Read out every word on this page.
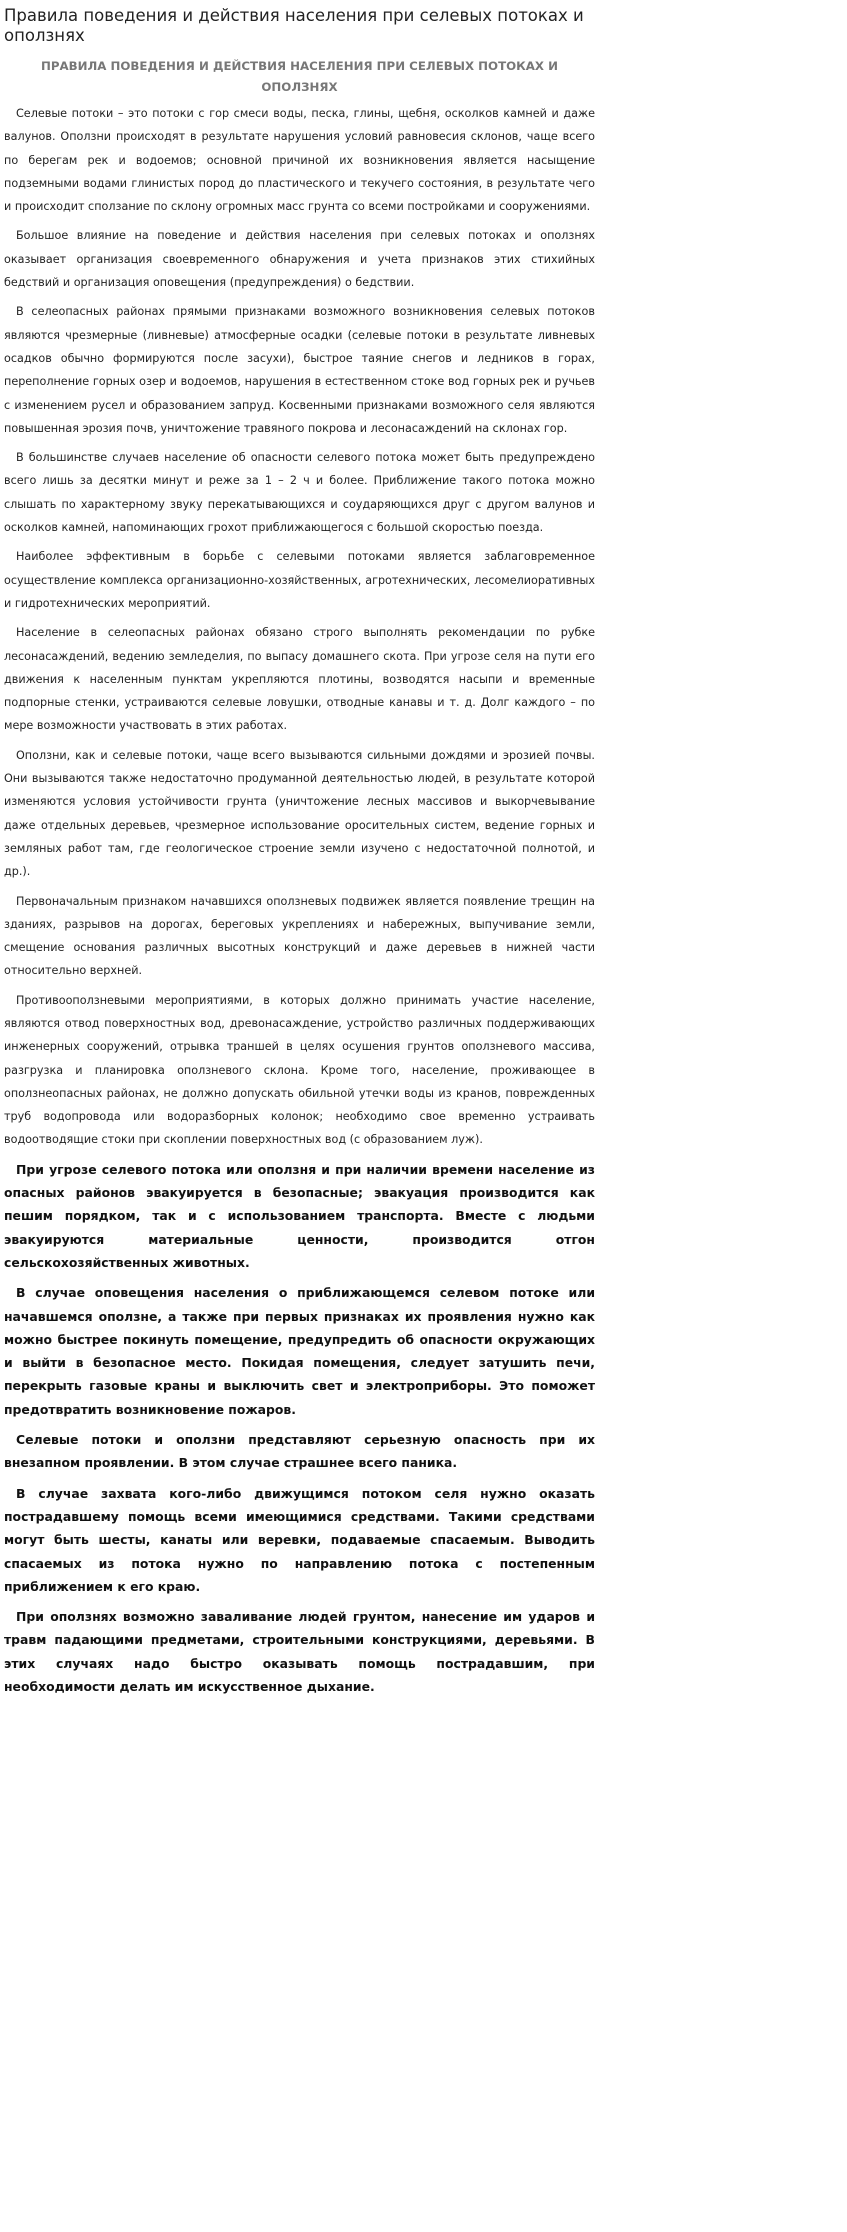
Правила поведения и действия населения при селевых потоках и оползнях
ПРАВИЛА ПОВЕДЕНИЯ И ДЕЙСТВИЯ НАСЕЛЕНИЯ ПРИ СЕЛЕВЫХ ПОТОКАХ И ОПОЛЗНЯХ

Селевые потоки – это потоки с гор смеси воды, песка, глины, щебня, осколков камней и даже валунов. Оползни происходят в результате нарушения условий равновесия склонов, чаще всего по берегам рек и водоемов; основной причиной их возникновения является насыщение подземными водами глинистых пород до пластического и текучего состояния, в результате чего и происходит сползание по склону огромных масс грунта со всеми постройками и сооружениями.

Большое влияние на поведение и действия населения при селевых потоках и оползнях оказывает организация своевременного обнаружения и учета признаков этих стихийных бедствий и организация оповещения (предупреждения) о бедствии.

В селеопасных районах прямыми признаками возможного возникновения селевых потоков являются чрезмерные (ливневые) атмосферные осадки (селевые потоки в результате ливневых осадков обычно формируются после засухи), быстрое таяние снегов и ледников в горах, переполнение горных озер и водоемов, нарушения в естественном стоке вод горных рек и ручьев с изменением русел и образованием запруд. Косвенными признаками возможного селя являются повышенная эрозия почв, уничтожение травяного покрова и лесонасаждений на склонах гор.

В большинстве случаев население об опасности селевого потока может быть предупреждено всего лишь за десятки минут и реже за 1 – 2 ч и более. Приближение такого потока можно слышать по характерному звуку перекатывающихся и соударяющихся друг с другом валунов и осколков камней, напоминающих грохот приближающегося с большой скоростью поезда.

Наиболее эффективным в борьбе с селевыми потоками является заблаговременное осуществление комплекса организационно-хозяйственных, агротехнических, лесомелиоративных и гидротехнических мероприятий.

Население в селеопасных районах обязано строго выполнять рекомендации по рубке лесонасаждений, ведению земледелия, по выпасу домашнего скота. При угрозе селя на пути его движения к населенным пунктам укрепляются плотины, возводятся насыпи и временные подпорные стенки, устраиваются селевые ловушки, отводные канавы и т. д. Долг каждого – по мере возможности участвовать в этих работах.

Оползни, как и селевые потоки, чаще всего вызываются сильными дождями и эрозией почвы. Они вызываются также недостаточно продуманной деятельностью людей, в результате которой изменяются условия устойчивости грунта (уничтожение лесных массивов и выкорчевывание даже отдельных деревьев, чрезмерное использование оросительных систем, ведение горных и земляных работ там, где геологическое строение земли изучено с недостаточной полнотой, и др.).

Первоначальным признаком начавшихся оползневых подвижек является появление трещин на зданиях, разрывов на дорогах, береговых укреплениях и набережных, выпучивание земли, смещение основания различных высотных конструкций и даже деревьев в нижней части относительно верхней.

Противооползневыми мероприятиями, в которых должно принимать участие население, являются отвод поверхностных вод, древонасаждение, устройство различных поддерживающих инженерных сооружений, отрывка траншей в целях осушения грунтов оползневого массива, разгрузка и планировка оползневого склона. Кроме того, население, проживающее в оползнеопасных районах, не должно допускать обильной утечки воды из кранов, поврежденных труб водопровода или водоразборных колонок; необходимо свое временно устраивать водоотводящие стоки при скоплении поверхностных вод (с образованием луж).

При угрозе селевого потока или оползня и при наличии времени население из опасных районов эвакуируется в безопасные; эвакуация производится как пешим порядком, так и с использованием транспорта. Вместе с людьми эвакуируются материальные ценности, производится отгон сельскохозяйственных животных.

В случае оповещения населения о приближающемся селевом потоке или начавшемся оползне, а также при первых признаках их проявления нужно как можно быстрее покинуть помещение, предупредить об опасности окружающих и выйти в безопасное место. Покидая помещения, следует затушить печи, перекрыть газовые краны и выключить свет и электроприборы. Это поможет предотвратить возникновение пожаров.

Селевые потоки и оползни представляют серьезную опасность при их внезапном проявлении. В этом случае страшнее всего паника.

В случае захвата кого-либо движущимся потоком селя нужно оказать пострадавшему помощь всеми имеющимися средствами. Такими средствами могут быть шесты, канаты или веревки, подаваемые спасаемым. Выводить спасаемых из потока нужно по направлению потока с постепенным приближением к его краю.

При оползнях возможно заваливание людей грунтом, нанесение им ударов и травм падающими предметами, строительными конструкциями, деревьями. В этих случаях надо быстро оказывать помощь пострадавшим, при необходимости делать им искусственное дыхание.
